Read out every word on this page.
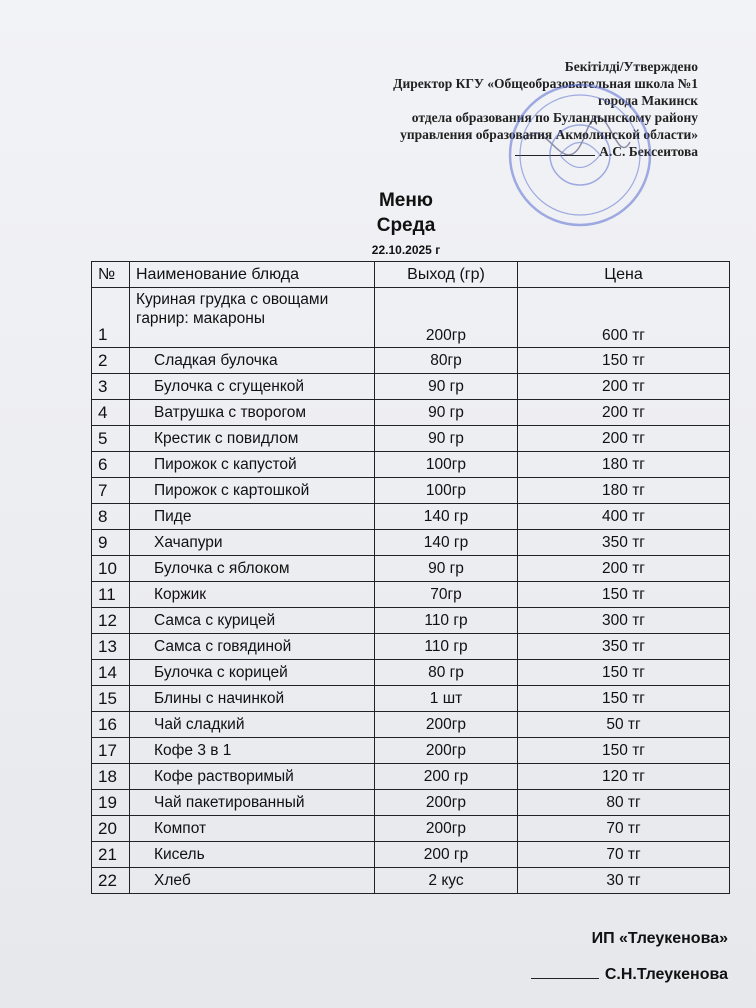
Бекітілді/Утверждено
Директор КГУ «Общеобразовательная школа №1
города Макинск
отдела образования по Буландынскому району
управления образования Акмолинской области»
А.С. Бексеитова
Меню
Среда
22.10.2025 г
№	Наименование блюда	Выход (гр)	Цена
1	Куриная грудка с овощами гарнир: макароны	200гр	600 тг
2	Сладкая булочка	80гр	150 тг
3	Булочка с сгущенкой	90 гр	200 тг
4	Ватрушка с творогом	90 гр	200 тг
5	Крестик с повидлом	90 гр	200 тг
6	Пирожок с капустой	100гр	180 тг
7	Пирожок с картошкой	100гр	180 тг
8	Пиде	140 гр	400 тг
9	Хачапури	140 гр	350 тг
10	Булочка с яблоком	90 гр	200 тг
11	Коржик	70гр	150 тг
12	Самса с курицей	110 гр	300 тг
13	Самса с говядиной	110 гр	350 тг
14	Булочка с корицей	80 гр	150 тг
15	Блины с начинкой	1 шт	150 тг
16	Чай сладкий	200гр	50 тг
17	Кофе 3 в 1	200гр	150 тг
18	Кофе растворимый	200 гр	120 тг
19	Чай пакетированный	200гр	80 тг
20	Компот	200гр	70 тг
21	Кисель	200 гр	70 тг
22	Хлеб	2 кус	30 тг
ИП «Тлеукенова»
С.Н.Тлеукенова
